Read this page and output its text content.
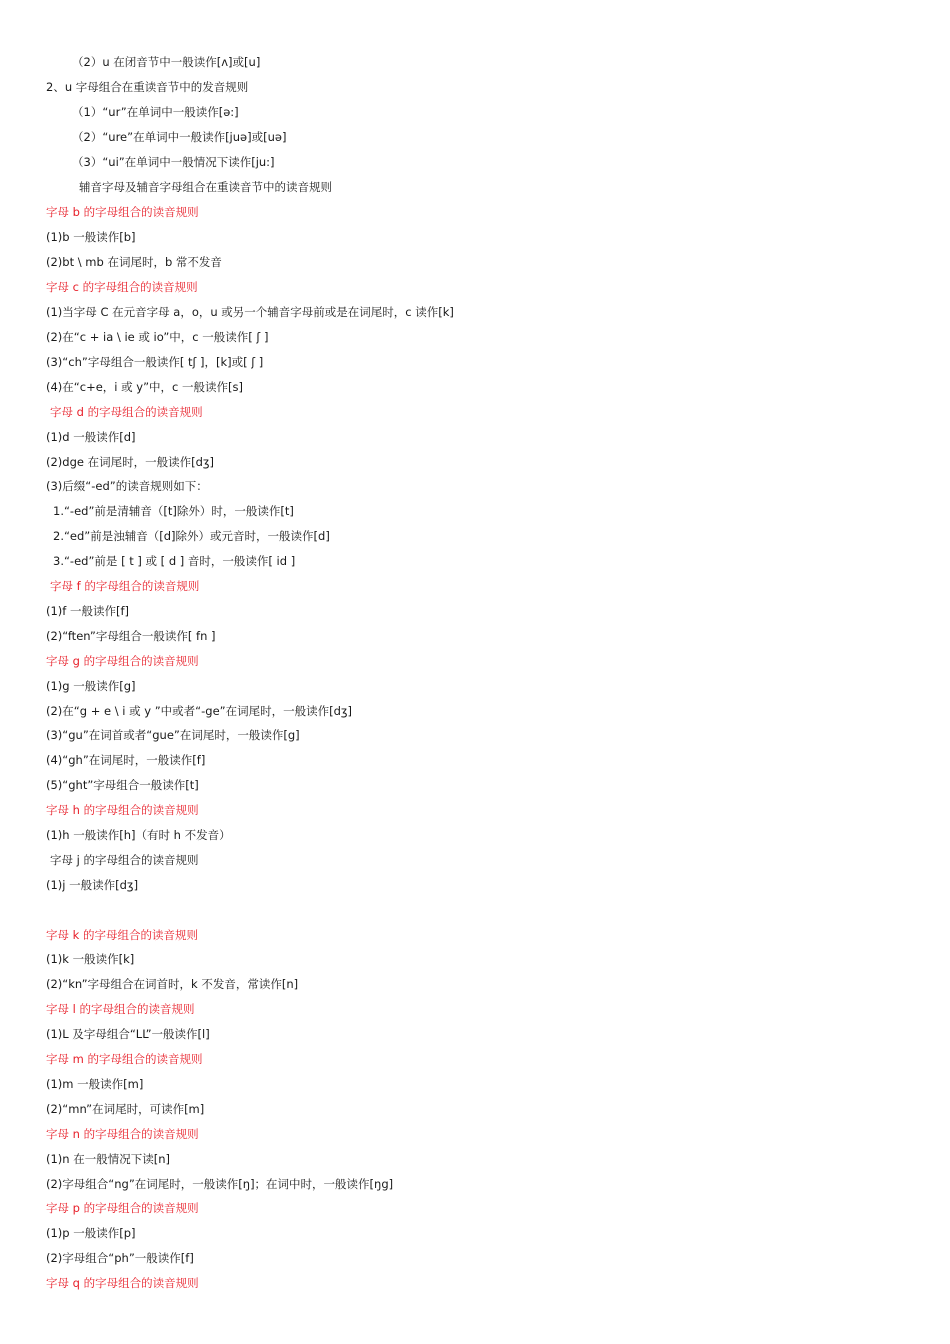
（2）u 在闭音节中一般读作[ʌ]或[u]
2、u 字母组合在重读音节中的发音规则
（1）“ur”在单词中一般读作[ə:]
（2）“ure”在单词中一般读作[juə]或[uə]
（3）“ui”在单词中一般情况下读作[ju:]
辅音字母及辅音字母组合在重读音节中的读音规则
字母 b 的字母组合的读音规则
(1)b 一般读作[b]
(2)bt \ mb 在词尾时，b 常不发音
字母 c 的字母组合的读音规则
(1)当字母 C 在元音字母 a，o，u 或另一个辅音字母前或是在词尾时，c 读作[k]
(2)在“c + ia \ ie 或 io”中，c 一般读作[ ʃ ]
(3)“ch”字母组合一般读作[ tʃ ]，[k]或[ ʃ ]
(4)在“c+e，i 或 y”中，c 一般读作[s]
字母 d 的字母组合的读音规则
(1)d 一般读作[d]
(2)dge 在词尾时，一般读作[dʒ]
(3)后缀“-ed”的读音规则如下：
1.“-ed”前是清辅音（[t]除外）时，一般读作[t]
2.“ed”前是浊辅音（[d]除外）或元音时，一般读作[d]
3.“-ed”前是 [ t ] 或 [ d ] 音时，一般读作[ id ]
字母 f 的字母组合的读音规则
(1)f 一般读作[f]
(2)“ften”字母组合一般读作[ fn ]
字母 g 的字母组合的读音规则
(1)g 一般读作[g]
(2)在“g + e \ i 或 y ”中或者“-ge”在词尾时，一般读作[dʒ]
(3)“gu”在词首或者“gue”在词尾时，一般读作[g]
(4)“gh”在词尾时，一般读作[f]
(5)“ght”字母组合一般读作[t]
字母 h 的字母组合的读音规则
(1)h 一般读作[h]（有时 h 不发音）
字母 j 的字母组合的读音规则
(1)j 一般读作[dʒ]
字母 k 的字母组合的读音规则
(1)k 一般读作[k]
(2)“kn”字母组合在词首时，k 不发音，常读作[n]
字母 l 的字母组合的读音规则
(1)L 及字母组合“LL”一般读作[l]
字母 m 的字母组合的读音规则
(1)m 一般读作[m]
(2)“mn”在词尾时，可读作[m]
字母 n 的字母组合的读音规则
(1)n 在一般情况下读[n]
(2)字母组合“ng”在词尾时，一般读作[ŋ]；在词中时，一般读作[ŋg]
字母 p 的字母组合的读音规则
(1)p 一般读作[p]
(2)字母组合“ph”一般读作[f]
字母 q 的字母组合的读音规则
